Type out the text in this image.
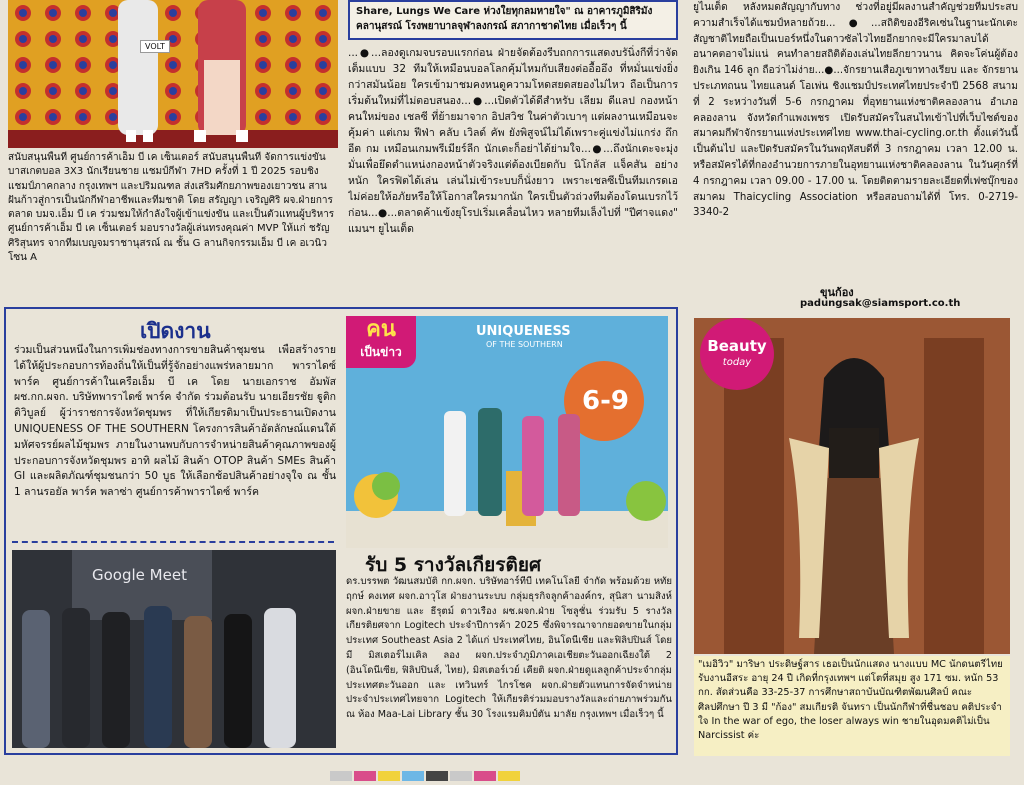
VOLT
สนับสนุนพื้นที่ ศูนย์การค้าเอ็ม บี เค เซ็นเตอร์ สนับสนุนพื้นที่ จัดการแข่งขัน บาสเกตบอล 3X3 นักเรียนชาย แชมป์กีฬา 7HD ครั้งที่ 1 ปี 2025 รอบชิงแชมป์ภาคกลาง กรุงเทพฯ และปริมณฑล ส่งเสริมศักยภาพของเยาวชน สานฝันก้าวสู่การเป็นนักกีฬาอาชีพและทีมชาติ โดย สรัญญา เจริญศิริ ผจ.ฝ่ายการตลาด บมจ.เอ็ม บี เค ร่วมชมให้กำลังใจผู้เข้าแข่งขัน และเป็นตัวแทนผู้บริหารศูนย์การค้าเอ็ม บี เค เซ็นเตอร์ มอบรางวัลผู้เล่นทรงคุณค่า MVP ให้แก่ ชรัญ ศิริสุนทร จากทีมเบญจมราชานุสรณ์ ณ ชั้น G ลานกิจกรรมเอ็ม บี เค อเวนิว โซน A
Share, Lungs We Care ห่วงใยทุกลมหายใจ" ณ อาคารภูมิสิริมังคลานุสรณ์ โรงพยาบาลจุฬาลงกรณ์ สภากาชาดไทย เมื่อเร็วๆ นี้
...●...ลองดูเกมจบรอบแรกก่อน ฝ่ายจัดต้องรีบถกการแสดงบรันิ่งกีที่ว่าจัดเต็มแบบ 32 ทีมให้เหมือนบอลโลกคุ้มไหมกับเสียงต่ออื้ออึง ที่หมั่นแข่งยิ่งกว่าสมันน้อย ใครเข้ามาชมคงหนดูความโหดสยดสยองไม่ไหว ถือเป็นการเริ่มต้นใหม่ที่ไม่ตอบสนอง...●...เปิดตัวได้ดีสำหรับ เลียม ดีแลป กองหน้าคนใหม่ของ เชลซี ที่ย้ายมาจาก อิปสวิช ในค่าตัวเบาๆ แต่ผลงานเหมือนจะคุ้มค่า แต่เกม ฟีฟ่า คลับ เวิลด์ คัพ ยังพิสูจน์ไม่ได้เพราะคู่แข่งไม่แกร่ง ถึก อีต กม เหมือนเกมพรีเมียร์ลีก นักเตะก็อย่าได้ย่ามใจ...●...ถึงนักเตะจะมุ่งมั่นเพื่อยึดตำแหน่งกองหน้าตัวจริงแต่ต้องเบียดกับ นิโกลัส แจ็คสัน อย่างหนัก ใครฟิตได้เล่น เล่นไม่เข้าระบบก็นั่งยาว เพราะเชลซีเป็นทีมเกรดเอ ไม่ค่อยให้อภัยหรือให้โอกาสใครมากนัก ใครเป็นตัวถ่วงทีมต้องโดนเบรกไว้ก่อน...●...ตลาดค้าแข้งยุโรปเริ่มเคลื่อนไหว หลายทีมเล็งไปที่ "ปีศาจแดง" แมนฯ ยูไนเต็ด
ยูไนเต็ด หลังหมดสัญญากับทาง ช่วงที่อยู่มีผลงานสำคัญช่วยทีมประสบความสำเร็จได้แชมป์หลายถ้วย...●...สถิติของอีริคเซ่นในฐานะนักเตะสัญชาติไทยถือเป็นเบอร์หนึ่งในดาวซัลไวไทยอีกยากจะมีใครมาลบได้ อนาคตอาจไม่แน่ คนทำลายสถิติต้องเล่นไทยลีกยาวนาน คิดจะโค่นผู้ต้องยิงเกิน 146 ลูก ถือว่าไม่ง่าย...●...จักรยานเสือภูเขาทางเรียบ และ จักรยานประเภทถนน ไทยแลนด์ โอเพ่น ชิงแชมป์ประเทศไทยประจำปี 2568 สนามที่ 2 ระหว่างวันที่ 5-6 กรกฎาคม ที่อุทยานแห่งชาติคลองลาน อำเภอคลองลาน จังหวัดกำแพงเพชร เปิดรับสมัครในสนไทเข้าไปที่เว็บไซต์ของสมาคมกีฬาจักรยานแห่งประเทศไทย www.thai-cycling.or.th ตั้งแต่วันนี้เป็นต้นไป และปิดรับสมัครในวันพฤหัสบดีที่ 3 กรกฎาคม เวลา 12.00 น. หรือสมัครได้ที่กองอำนวยการภายในอุทยานแห่งชาติคลองลาน ในวันศุกร์ที่ 4 กรกฎาคม เวลา 09.00 - 17.00 น. โดยติดตามรายละเอียดที่เฟซบุ๊กของสมาคม Thaicycling Association หรือสอบถามได้ที่ โทร. 0-2719-3340-2
ขุนก้อง
padungsak@siamsport.co.th
เปิดงาน
ร่วมเป็นส่วนหนึ่งในการเพิ่มช่องทางการขายสินค้าชุมชน เพื่อสร้างรายได้ให้ผู้ประกอบการท้องถิ่นให้เป็นที่รู้จักอย่างแพร่หลายมาก พาราไดซ์ พาร์ค ศูนย์การค้าในเครือเอ็ม บี เค โดย นายเอกราช อัมพัส ผช.กก.ผจก. บริษัทพาราไดซ์ พาร์ค จำกัด ร่วมต้อนรับ นายเอียรชัย ฐูติกติวิบูลย์ ผู้ว่าราชการจังหวัดชุมพร ที่ให้เกียรติมาเป็นประธานเปิดงาน UNIQUENESS OF THE SOUTHERN โครงการสินค้าอัตลักษณ์แดนใต้ มหัศจรรย์ผลไม้ชุมพร ภายในงานพบกับการจำหน่ายสินค้าคุณภาพของผู้ประกอบการจังหวัดชุมพร อาทิ ผลไม้ สินค้า OTOP สินค้า SMEs สินค้า GI และผลิตภัณฑ์ชุมชนกว่า 50 บูธ ให้เลือกช้อปสินค้าอย่างจุใจ ณ ชั้น 1 ลานรอยัล พาร์ค พลาซ่า ศูนย์การค้าพาราไดซ์ พาร์ค
คน
เป็นข่าว
UNIQUENESS
OF THE SOUTHERN
6-9
รับ 5 รางวัลเกียรติยศ
ดร.บรรพต วัฒนสมบัติ กก.ผจก. บริษัทอาร์ทีบี เทคโนโลยี จำกัด พร้อมด้วย หทัยฤกษ์ คงเทศ ผจก.อาวุโส ฝ่ายงานระบบ กลุ่มธุรกิจลูกค้าองค์กร, สุนิสา นามสิงห์ ผจก.ฝ่ายขาย และ ธีรุตม์ ดาวเรือง ผช.ผจก.ฝ่าย โซลูชั่น ร่วมรับ 5 รางวัลเกียรติยศจาก Logitech ประจำปีการค้า 2025 ซึ่งพิจารณาจากยอดขายในกลุ่มประเทศ Southeast Asia 2 ได้แก่ ประเทศไทย, อินโดนีเซีย และฟิลิปปินส์ โดยมี มิสเตอร์ไมเคิล ลอง ผจก.ประจำภูมิภาคเอเชียตะวันออกเฉียงใต้ 2 (อินโดนีเซีย, ฟิลิปปินส์, ไทย), มิสเตอร์เวย์ เคียติ ผจก.ฝ่ายดูแลลูกค้าประจำกลุ่มประเทศตะวันออก และ เทวินทร์ ไกรโชค ผจก.ฝ่ายตัวแทนการจัดจำหน่ายประจำประเทศไทยจาก Logitech ให้เกียรติร่วมมอบรางวัลและถ่ายภาพร่วมกัน ณ ห้อง Maa-Lai Library ชั้น 30 โรงแรมคิมป์ตัน มาลัย กรุงเทพฯ เมื่อเร็วๆ นี้
Google Meet
Beauty
today
"เมอิวิว" มาริษา ประดิษฐ์สาร เธอเป็นนักแสดง นางแบบ MC นักดนตรีไทย รับงานอีสระ อายุ 24 ปี เกิดที่กรุงเทพฯ แต่โตที่สมุย สูง 171 ซม. หนัก 53 กก. สัดส่วนคือ 33-25-37 การศึกษาสถาบันบัณฑิตพัฒนศิลป์ คณะศิลปศึกษา ปี 3 มี "ก้อง" สมเกียรติ จันทรา เป็นนักกีฬาที่ชื่นชอบ คติประจำใจ In the war of ego, the loser always win ชายในอุดมคติไม่เป็น Narcissist ค่ะ
